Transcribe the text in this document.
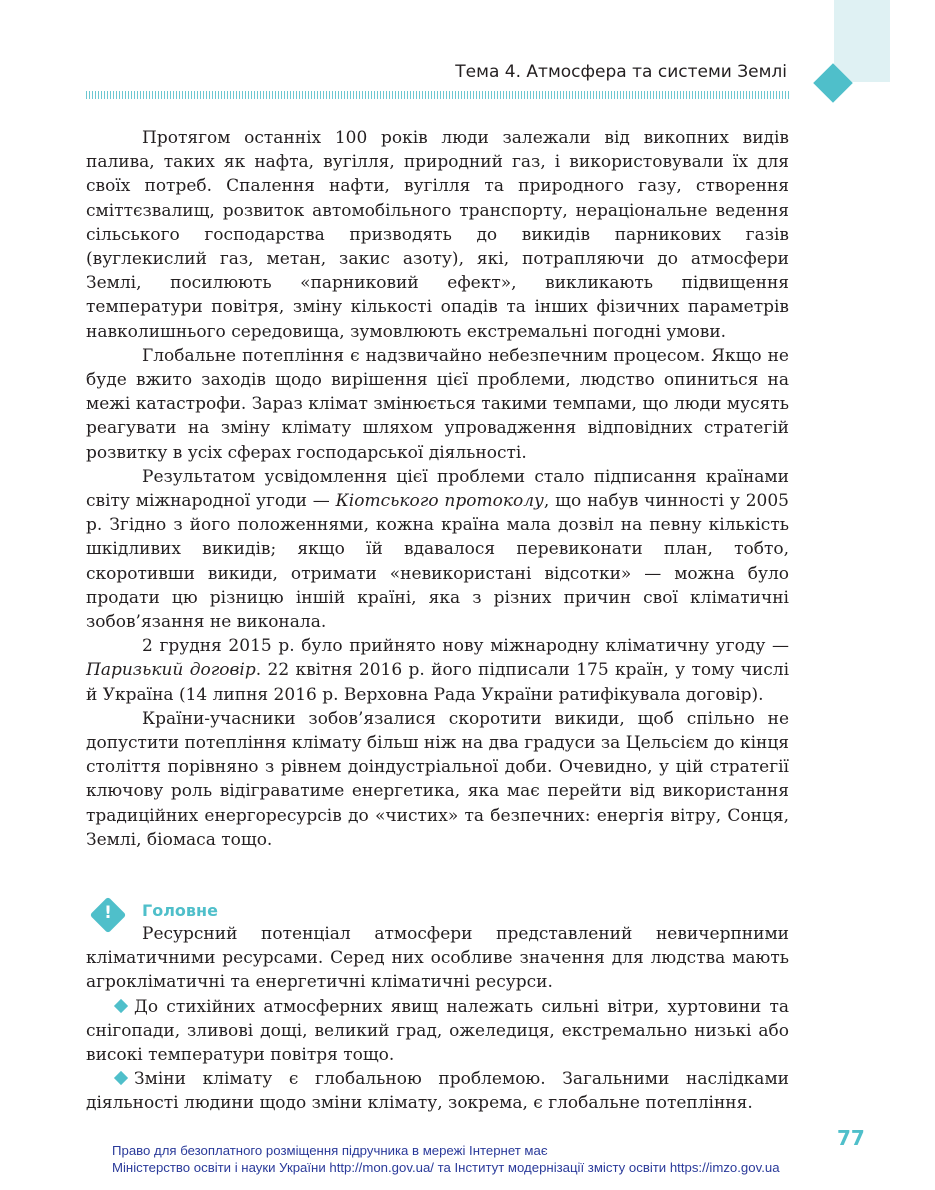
Тема 4. Атмосфера та системи Землі

Протягом останніх 100 років люди залежали від викопних видів палива, таких як нафта, вугілля, природний газ, і використовували їх для своїх потреб. Спалення нафти, вугілля та природного газу, створення сміттєзвалищ, розвиток автомобільного транспорту, нераціональне ведення сільського господарства призводять до викидів парникових газів (вуглекислий газ, метан, закис азоту), які, потрапляючи до атмосфери Землі, посилюють «парниковий ефект», викликають підвищення температури повітря, зміну кількості опадів та інших фізичних параметрів навколишнього середовища, зумовлюють екстремальні погодні умови.

Глобальне потепління є надзвичайно небезпечним процесом. Якщо не буде вжито заходів щодо вирішення цієї проблеми, людство опиниться на межі катастрофи. Зараз клімат змінюється такими темпами, що люди мусять реагувати на зміну клімату шляхом упровадження відповідних стратегій розвитку в усіх сферах господарської діяльності.

Результатом усвідомлення цієї проблеми стало підписання країнами світу міжнародної угоди — Кіотського протоколу, що набув чинності у 2005 р. Згідно з його положеннями, кожна країна мала дозвіл на певну кількість шкідливих викидів; якщо їй вдавалося перевиконати план, тобто, скоротивши викиди, отримати «невикористані відсотки» — можна було продати цю різницю іншій країні, яка з різних причин свої кліматичні зобов’язання не виконала.

2 грудня 2015 р. було прийнято нову міжнародну кліматичну угоду — Паризький договір. 22 квітня 2016 р. його підписали 175 країн, у тому числі й Україна (14 липня 2016 р. Верховна Рада України ратифікувала договір).

Країни-учасники зобов’язалися скоротити викиди, щоб спільно не допустити потепління клімату більш ніж на два градуси за Цельсієм до кінця століття порівняно з рівнем доіндустріальної доби. Очевидно, у цій стратегії ключову роль відіграватиме енергетика, яка має перейти від використання традиційних енергоресурсів до «чистих» та безпечних: енергія вітру, Сонця, Землі, біомаса тощо.

!	Головне

Ресурсний потенціал атмосфери представлений невичерпними кліматичними ресурсами. Серед них особливе значення для людства мають агрокліматичні та енергетичні кліматичні ресурси.

До стихійних атмосферних явищ належать сильні вітри, хуртовини та снігопади, зливові дощі, великий град, ожеледиця, екстремально низькі або високі температури повітря тощо.

Зміни клімату є глобальною проблемою. Загальними наслідками діяльності людини щодо зміни клімату, зокрема, є глобальне потепління.

77
Право для безоплатного розміщення підручника в мережі Інтернет має
Міністерство освіти і науки України http://mon.gov.ua/ та Інститут модернізації змісту освіти https://imzo.gov.ua
